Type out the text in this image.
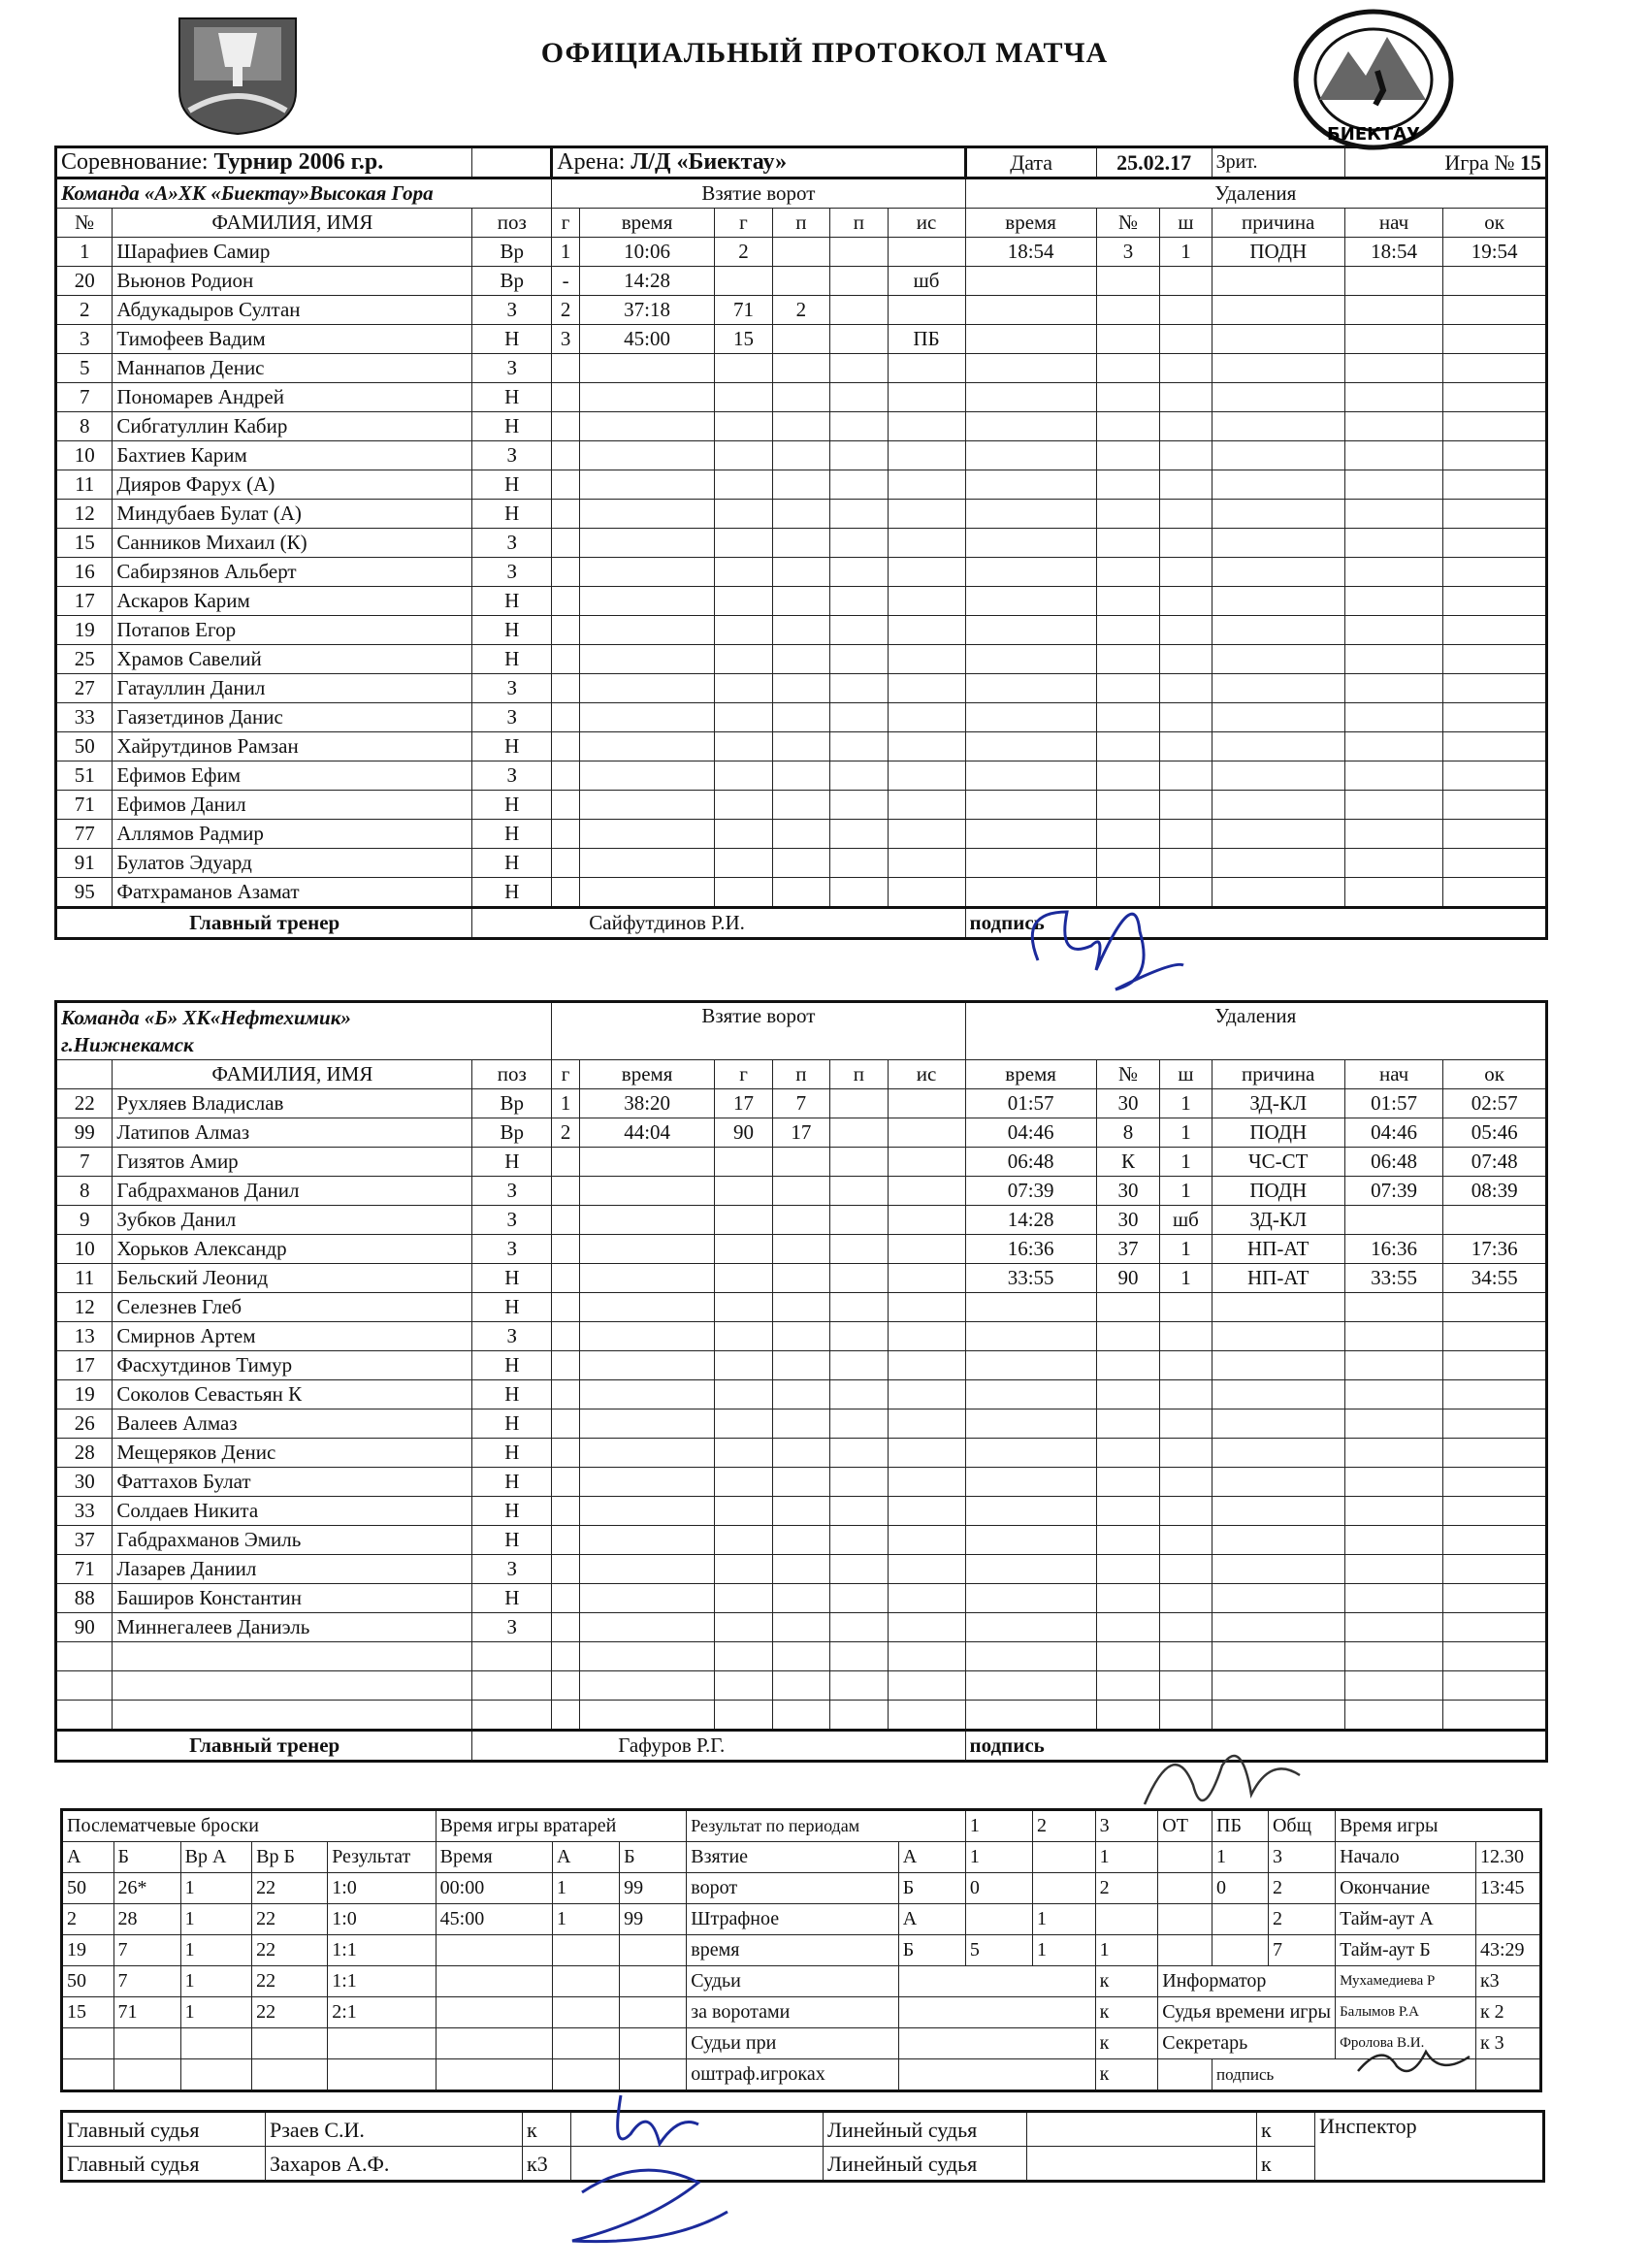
ОФИЦИАЛЬНЫЙ ПРОТОКОЛ МАТЧА
БИЕКТАУ
Соревнование: Турнир 2006 г.р.			Арена: Л/Д «Биектау»						Дата	25.02.17		Зрит.	Игра № 15	
Команда «А»ХК «Биектау»Высокая Гора			Взятие ворот						Удаления					
№	ФАМИЛИЯ, ИМЯ	поз	г	время	г	п	п	ис	время	№	ш	причина	нач	ок
1	Шарафиев Самир	Вр	1	10:06	2				18:54	3	1	ПОДН	18:54	19:54
20	Вьюнов Родион	Вр	-	14:28				шб						
2	Абдукадыров Султан	З	2	37:18	71	2								
3	Тимофеев Вадим	Н	3	45:00	15			ПБ						
5	Маннапов Денис	З												
7	Пономарев Андрей	Н												
8	Сибгатуллин Кабир	Н												
10	Бахтиев Карим	З												
11	Дияров Фарух (А)	Н												
12	Миндубаев Булат (А)	Н												
15	Санников Михаил (К)	З												
16	Сабирзянов Альберт	З												
17	Аскаров Карим	Н												
19	Потапов Егор	Н												
25	Храмов Савелий	Н												
27	Гатауллин Данил	З												
33	Гаязетдинов Данис	З												
50	Хайрутдинов Рамзан	Н												
51	Ефимов Ефим	З												
71	Ефимов Данил	Н												
77	Аллямов Радмир	Н												
91	Булатов Эдуард	Н												
95	Фатхраманов Азамат	Н												
Главный тренер		Сайфутдинов Р.И.							подпись					
Команда «Б» ХК«Нефтехимик»
г.Нижнекамск			Взятие ворот						Удаления					
	ФАМИЛИЯ, ИМЯ	поз	г	время	г	п	п	ис	время	№	ш	причина	нач	ок
22	Рухляев Владислав	Вр	1	38:20	17	7			01:57	30	1	ЗД-КЛ	01:57	02:57
99	Латипов Алмаз	Вр	2	44:04	90	17			04:46	8	1	ПОДН	04:46	05:46
7	Гизятов Амир	Н							06:48	К	1	ЧС-СТ	06:48	07:48
8	Габдрахманов Данил	З							07:39	30	1	ПОДН	07:39	08:39
9	Зубков Данил	З							14:28	30	шб	ЗД-КЛ		
10	Хорьков Александр	З							16:36	37	1	НП-АТ	16:36	17:36
11	Бельский Леонид	Н							33:55	90	1	НП-АТ	33:55	34:55
12	Селезнев Глеб	Н												
13	Смирнов Артем	З												
17	Фасхутдинов Тимур	Н												
19	Соколов Севастьян К	Н												
26	Валеев Алмаз	Н												
28	Мещеряков Денис	Н												
30	Фаттахов Булат	Н												
33	Солдаев Никита	Н												
37	Габдрахманов Эмиль	Н												
71	Лазарев Даниил	З												
88	Баширов Константин	Н												
90	Миннегалеев Даниэль	З												

Главный тренер		Гафуров Р.Г.							подпись					
Послематчевые броски					Время игры вратарей			Результат по периодам		1	2	3	ОТ	ПБ	Общ	Время игры	
А	Б	Вр А	Вр Б	Результат	Время	А	Б	Взятие	А	1		1		1	3	Начало	12.30
50	26*	1	22	1:0	00:00	1	99	ворот	Б	0		2		0	2	Окончание	13:45
2	28	1	22	1:0	45:00	1	99	Штрафное	А		1				2	Тайм-аут А	
19	7	1	22	1:1				время	Б	5	1	1			7	Тайм-аут Б	43:29
50	7	1	22	1:1				Судьи				к	Информатор			Мухамедиева Р	к3
15	71	1	22	2:1				за воротами				к	Судья времени игры			Балымов Р.А	к 2
								Судьи при				к	Секретарь			Фролова В.И.	к 3
								оштраф.игроках				к		подпись			
Главный судья	Рзаев С.И.	к		Линейный судья		к	Инспектор
Главный судья	Захаров А.Ф.	к3		Линейный судья		к	
